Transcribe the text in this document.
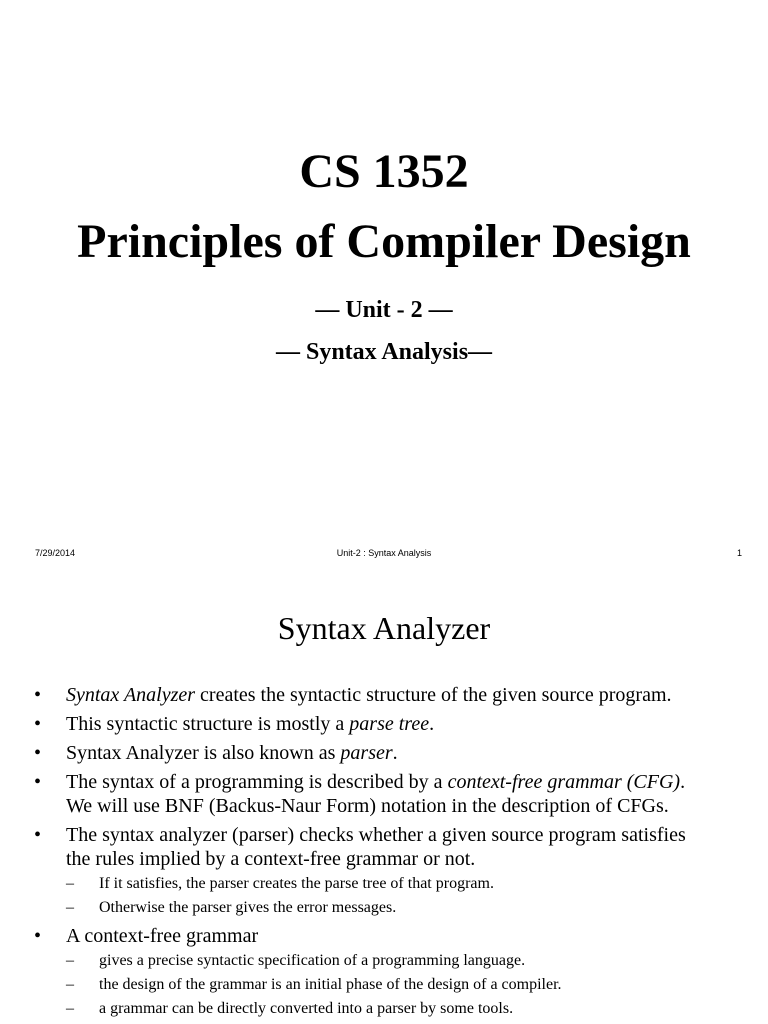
CS 1352
Principles of Compiler Design
— Unit - 2 —
— Syntax Analysis—
7/29/2014	Unit-2 : Syntax Analysis	1
Syntax Analyzer
• Syntax Analyzer creates the syntactic structure of the given source program.
• This syntactic structure is mostly a parse tree.
• Syntax Analyzer is also known as parser.
• The syntax of a programming is described by a context-free grammar (CFG).
We will use BNF (Backus-Naur Form) notation in the description of CFGs.
• The syntax analyzer (parser) checks whether a given source program satisfies
the rules implied by a context-free grammar or not.
– If it satisfies, the parser creates the parse tree of that program.
– Otherwise the parser gives the error messages.
• A context-free grammar
– gives a precise syntactic specification of a programming language.
– the design of the grammar is an initial phase of the design of a compiler.
– a grammar can be directly converted into a parser by some tools.
